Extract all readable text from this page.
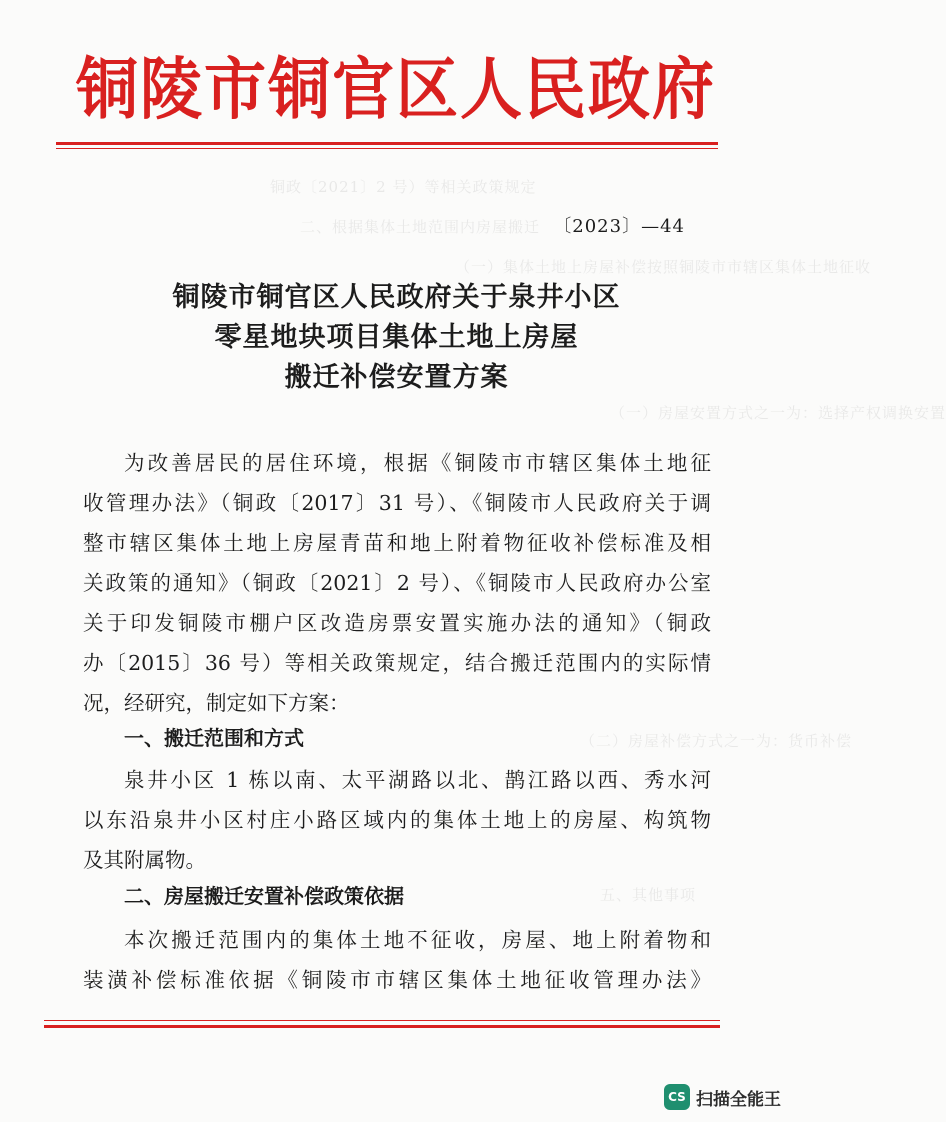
铜政〔2021〕2 号）等相关政策规定
二、根据集体土地范围内房屋搬迁
（一）集体土地上房屋补偿按照铜陵市市辖区集体土地征收
（一）房屋安置方式之一为：选择产权调换安置
（二）房屋补偿方式之一为：货币补偿
五、其他事项
铜陵市铜官区人民政府
〔2023〕—44
铜陵市铜官区人民政府关于泉井小区
零星地块项目集体土地上房屋
搬迁补偿安置方案
为改善居民的居住环境，根据《铜陵市市辖区集体土地征
收管理办法》（铜政〔2017〕31 号）、《铜陵市人民政府关于调
整市辖区集体土地上房屋青苗和地上附着物征收补偿标准及相
关政策的通知》（铜政〔2021〕2 号）、《铜陵市人民政府办公室
关于印发铜陵市棚户区改造房票安置实施办法的通知》（铜政
办〔2015〕36 号）等相关政策规定，结合搬迁范围内的实际情
况，经研究，制定如下方案：
一、搬迁范围和方式
泉井小区 1 栋以南、太平湖路以北、鹊江路以西、秀水河
以东沿泉井小区村庄小路区域内的集体土地上的房屋、构筑物
及其附属物。
二、房屋搬迁安置补偿政策依据
本次搬迁范围内的集体土地不征收，房屋、地上附着物和
装潢补偿标准依据《铜陵市市辖区集体土地征收管理办法》
CS 扫描全能王
